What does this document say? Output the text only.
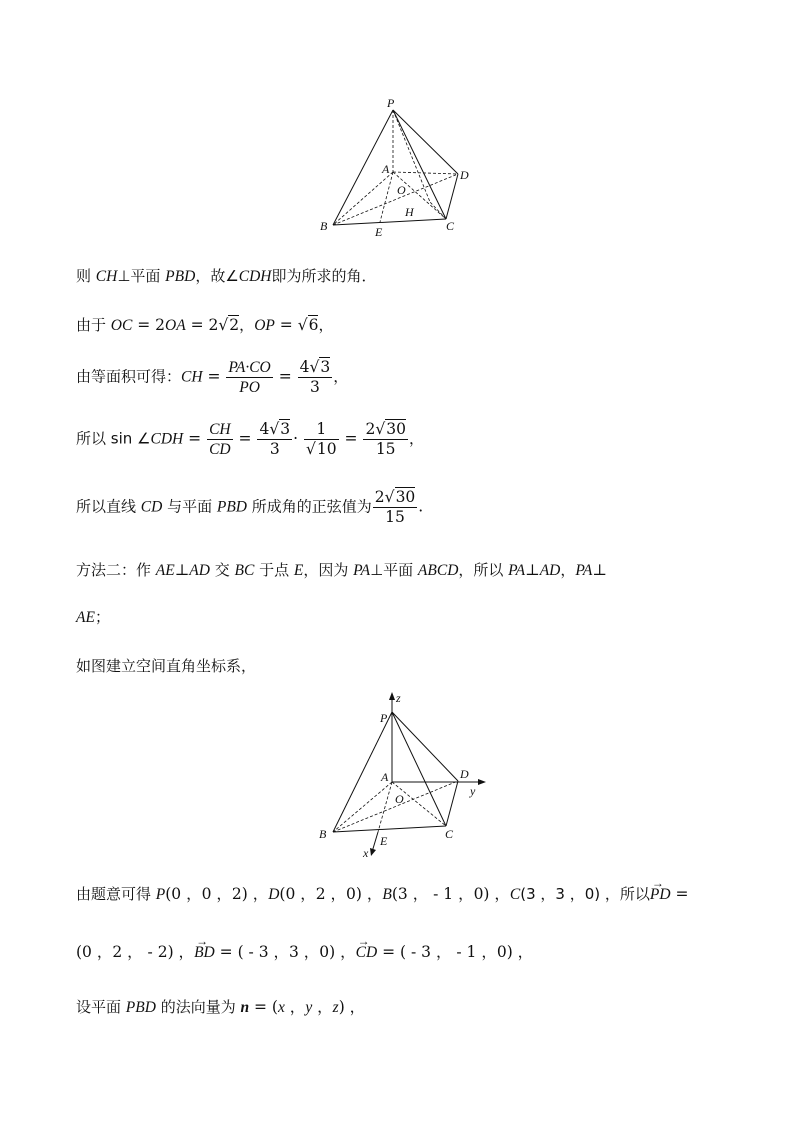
P
A	D
O
H
B	E	C
则 CH⊥平面 PBD，故∠CDH即为所求的角．
由于 OC = 2OA = 2√2，OP = √6，
由等面积可得：CH = $\frac{PA\cdot CO}{PO} = \frac{4√3}{3}$ ，
所以 sin ∠CDH = $\frac{CH}{CD} = \frac{4√3}{3} \cdot \frac{1}{√10} = \frac{2√30}{15}$ ，
所以直线 CD 与平面 PBD 所成角的正弦值为 $\frac{2√30}{15}$ .
方法二：作 AE⊥AD 交 BC 于点 E，因为 PA⊥平面 ABCD，所以 PA⊥AD，PA⊥
AE；
如图建立空间直角坐标系，
z
P
A	D
y
O
B	C
E
x
由题意可得 P(0 ，0 ，2) ，D(0 ，2 ，0) ，B(3 ， - 1 ，0) ，C(3 ，3 ，0) ，所以→ PD =
(0 ，2 ， - 2) ，→ BD = ( - 3 ，3 ，0) ，→ CD = ( - 3 ， - 1 ，0) ，
设平面 PBD 的法向量为 n = (x ，y ，z) ，
